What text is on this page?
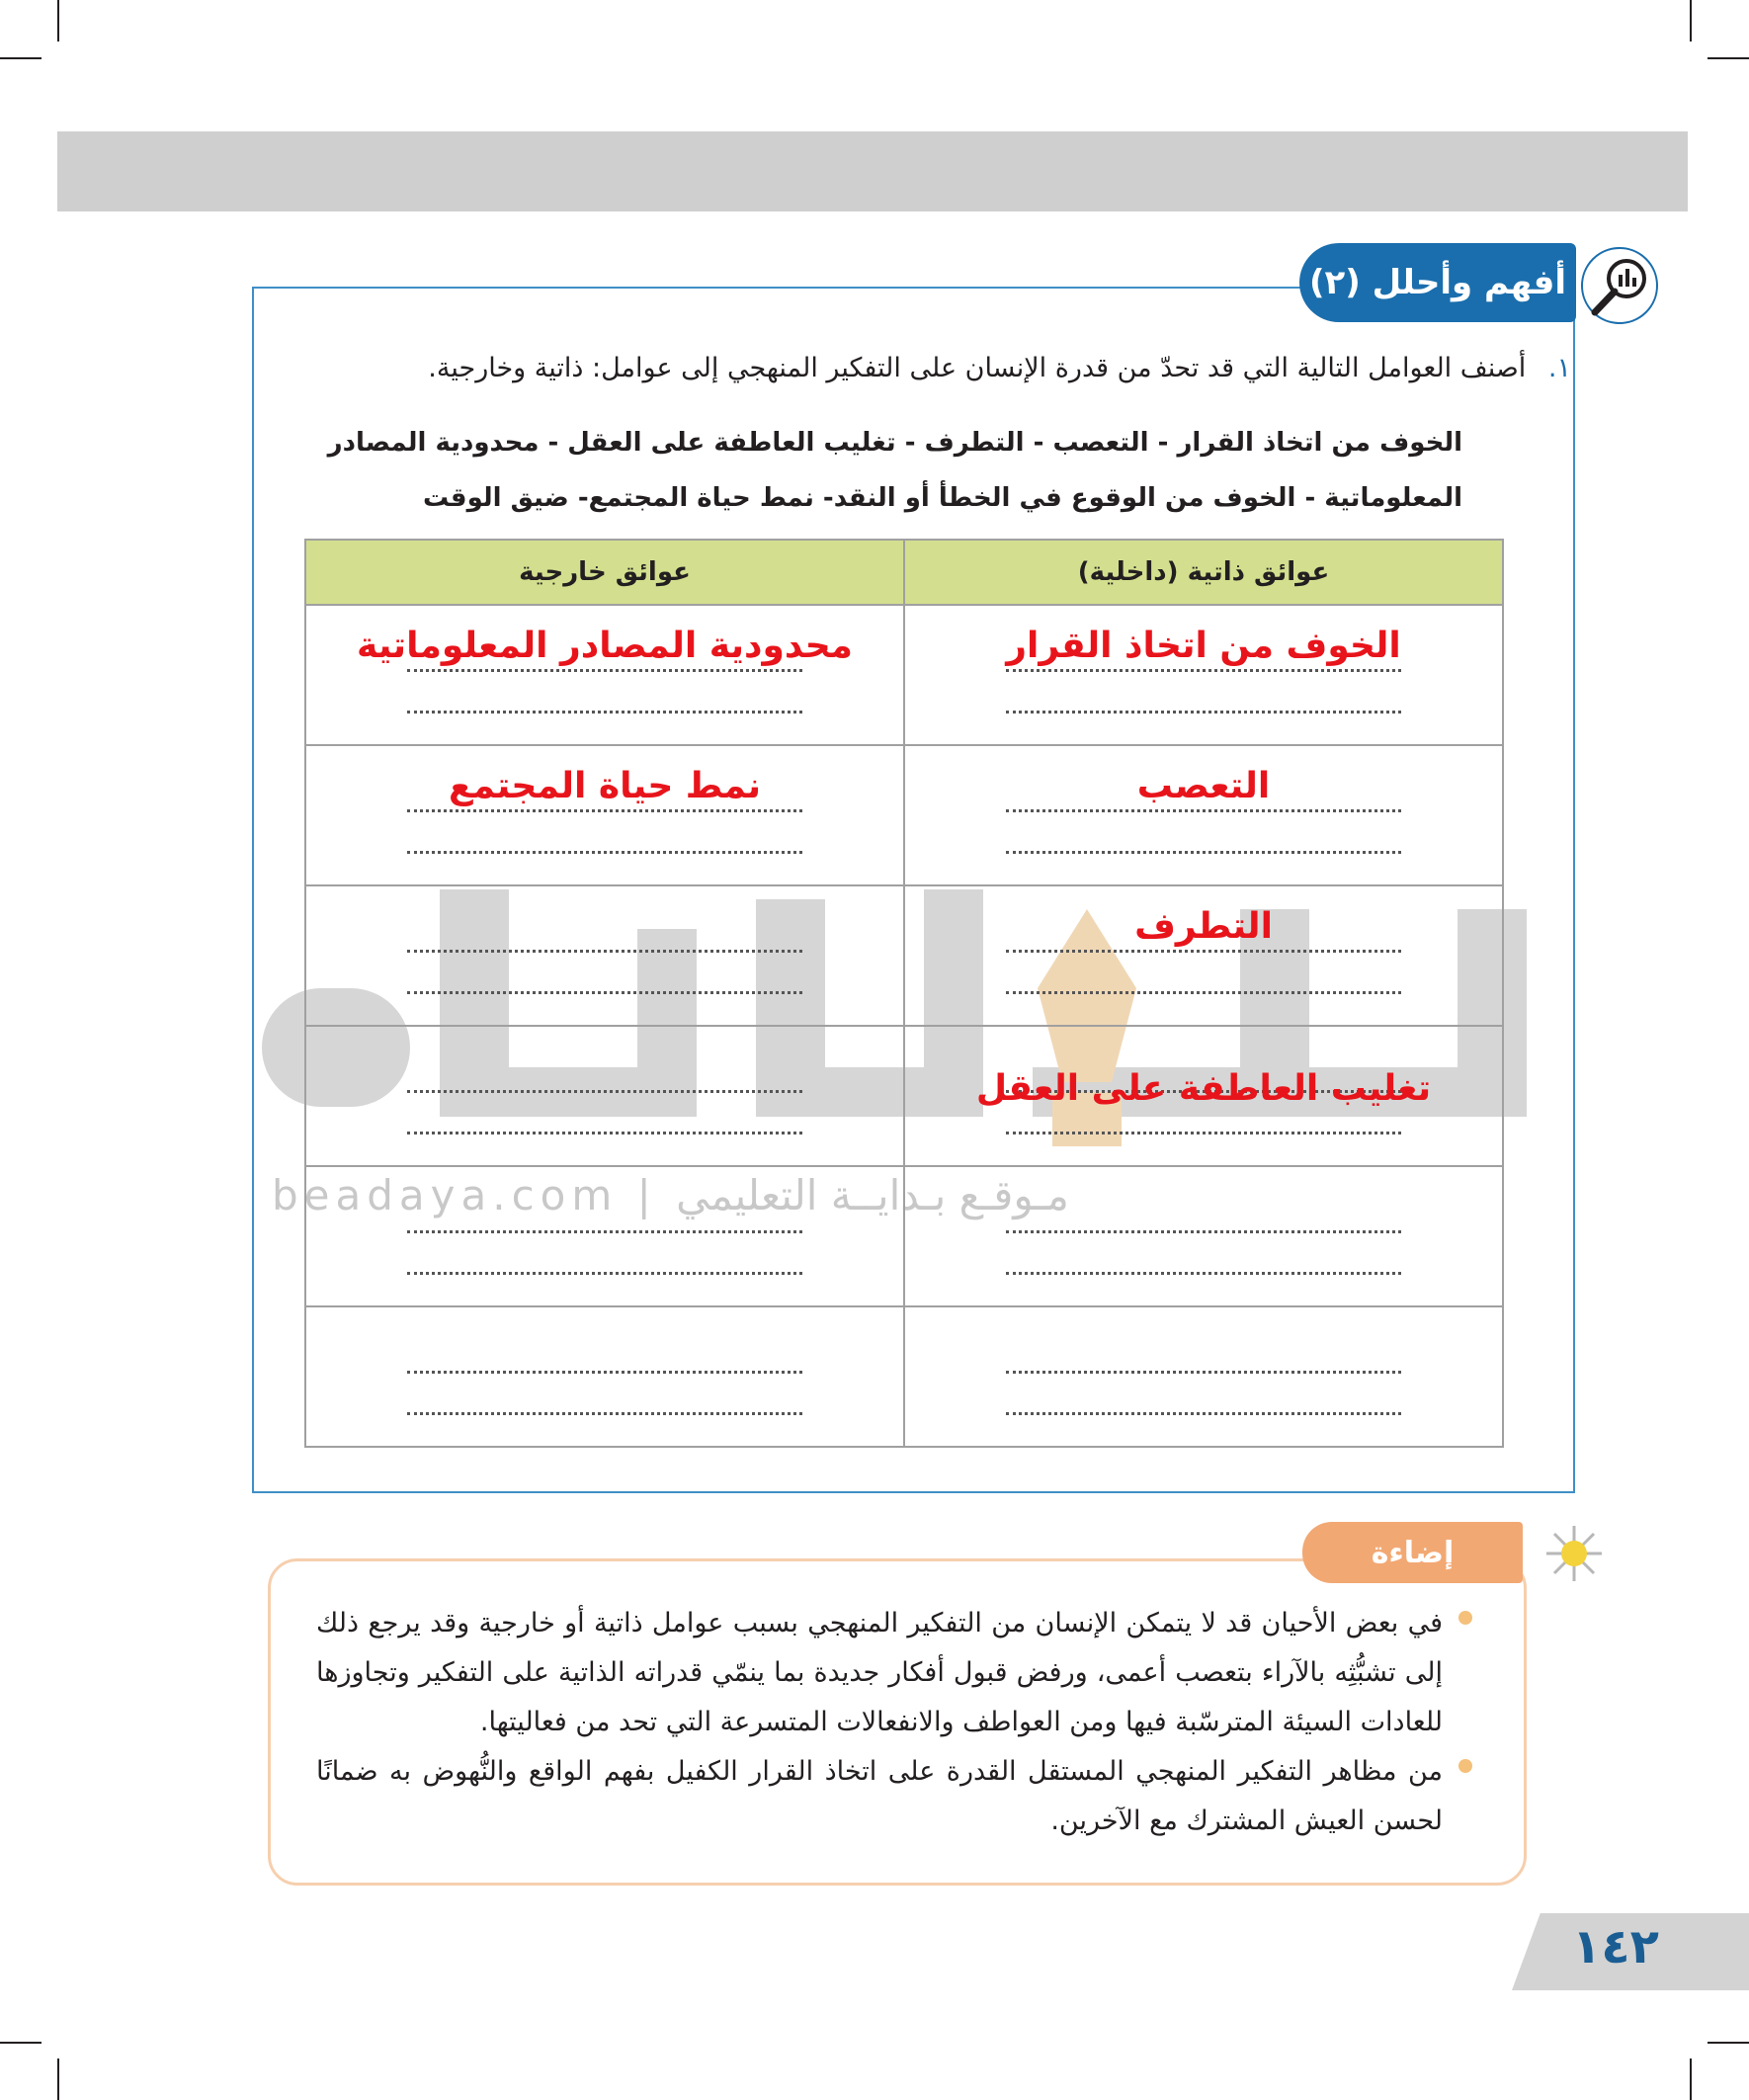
أفهم وأحلل (٢)
١. أصنف العوامل التالية التي قد تحدّ من قدرة الإنسان على التفكير المنهجي إلى عوامل: ذاتية وخارجية.
الخوف من اتخاذ القرار - التعصب - التطرف - تغليب العاطفة على العقل - محدودية المصادر
المعلوماتية - الخوف من الوقوع في الخطأ أو النقد- نمط حياة المجتمع- ضيق الوقت
beadaya.com | مـوقـع بـدايــة التعليمي
عوائق ذاتية (داخلية)	عوائق خارجية

الخوف من اتخاذ القرار	محدودية المصادر المعلوماتية

التعصب	نمط حياة المجتمع

التطرف	

تغليب العاطفة على العقل	

إضاءة

في بعض الأحيان قد لا يتمكن الإنسان من التفكير المنهجي بسبب عوامل ذاتية أو خارجية وقد يرجع ذلك إلى تشبُّثِه بالآراء بتعصب أعمى، ورفض قبول أفكار جديدة بما ينمّي قدراته الذاتية على التفكير وتجاوزها للعادات السيئة المترسّبة فيها ومن العواطف والانفعالات المتسرعة التي تحد من فعاليتها.

من مظاهر التفكير المنهجي المستقل القدرة على اتخاذ القرار الكفيل بفهم الواقع والنُّهوض به ضمانًا لحسن العيش المشترك مع الآخرين.

١٤٢
